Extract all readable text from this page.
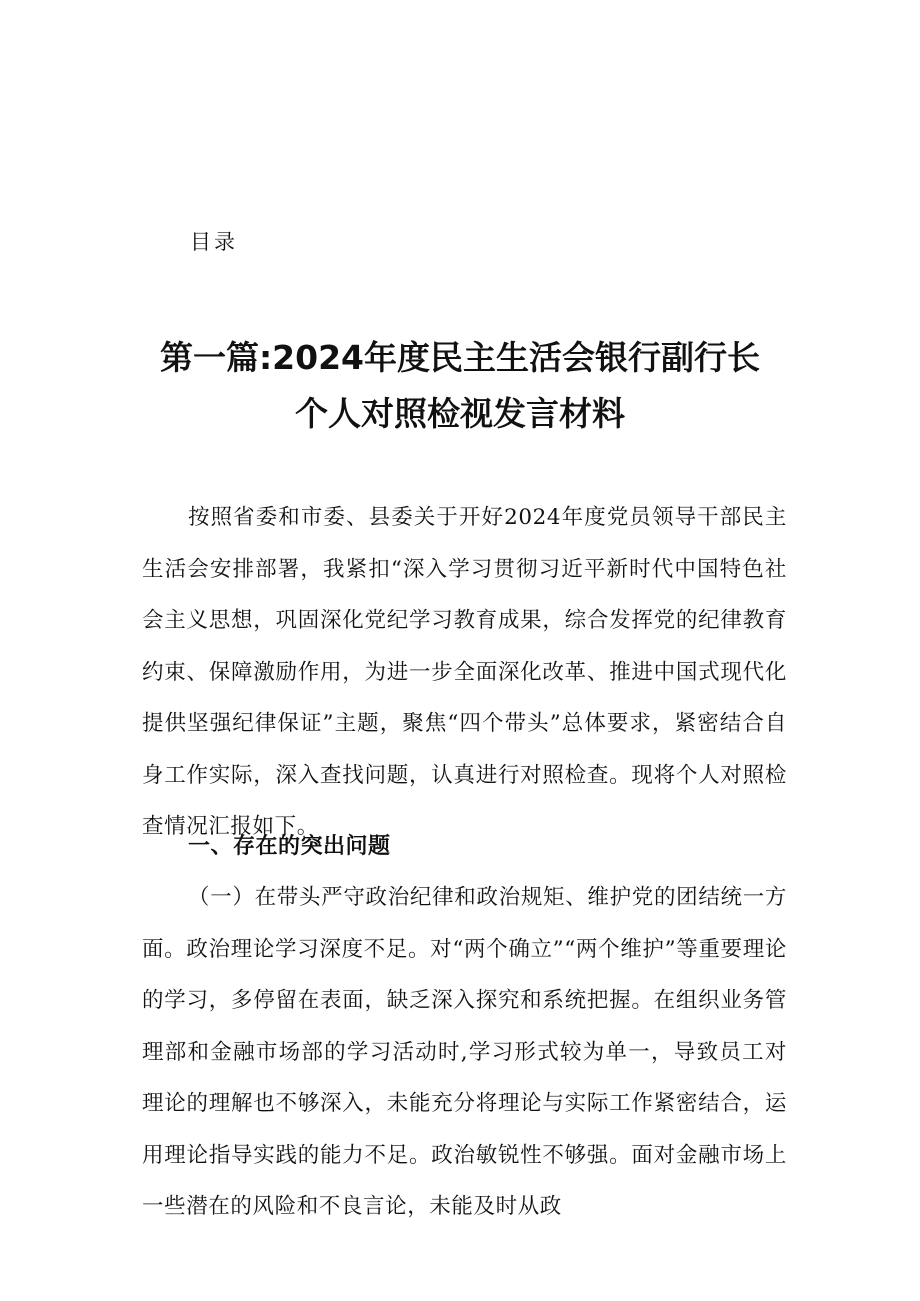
目录
第一篇:2024年度民主生活会银行副行长
个人对照检视发言材料
按照省委和市委、县委关于开好2024年度党员领导干部民主生活会安排部署，我紧扣“深入学习贯彻习近平新时代中国特色社会主义思想，巩固深化党纪学习教育成果，综合发挥党的纪律教育约束、保障激励作用，为进一步全面深化改革、推进中国式现代化提供坚强纪律保证”主题，聚焦“四个带头”总体要求，紧密结合自身工作实际，深入查找问题，认真进行对照检查。现将个人对照检查情况汇报如下。
一、存在的突出问题
（一）在带头严守政治纪律和政治规矩、维护党的团结统一方面。政治理论学习深度不足。对“两个确立”“两个维护”等重要理论的学习，多停留在表面，缺乏深入探究和系统把握。在组织业务管理部和金融市场部的学习活动时,学习形式较为单一，导致员工对理论的理解也不够深入，未能充分将理论与实际工作紧密结合，运用理论指导实践的能力不足。政治敏锐性不够强。面对金融市场上一些潜在的风险和不良言论，未能及时从政
